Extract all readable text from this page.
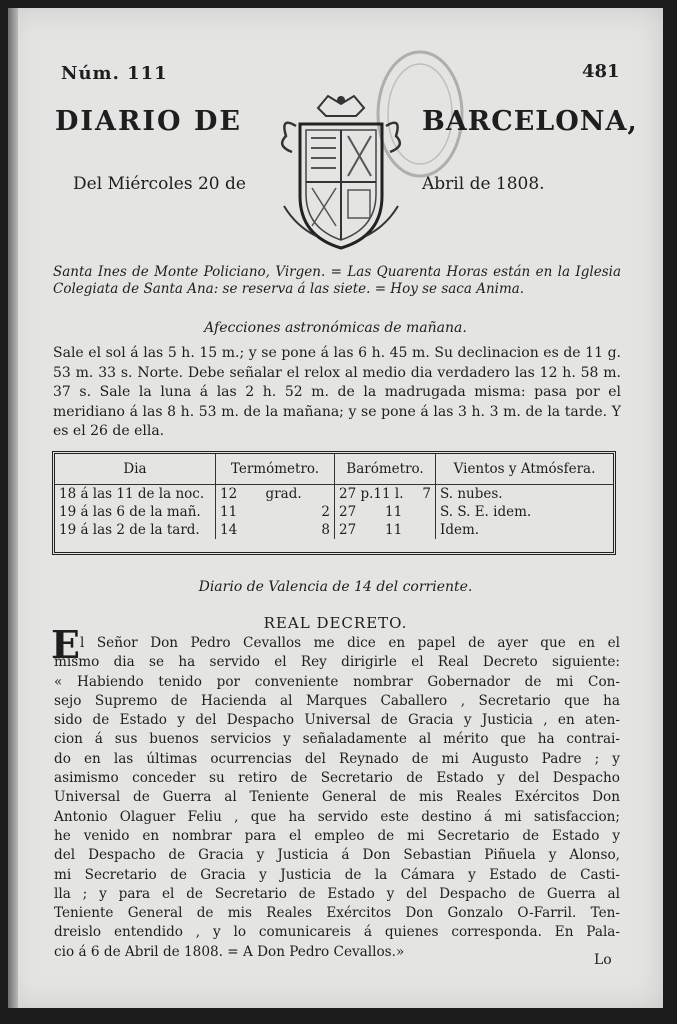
Núm. 111	481
DIARIO DE	BARCELONA,
Del Miércoles 20 de	Abril de 1808.
Santa Ines de Monte Policiano, Virgen. = Las Quarenta Horas están en la Iglesia Colegiata de Santa Ana: se reserva á las siete. = Hoy se saca Anima.
Afecciones astronómicas de mañana.
Sale el sol á las 5 h. 15 m.; y se pone á las 6 h. 45 m. Su declinacion es de 11 g. 53 m. 33 s. Norte. Debe señalar el relox al medio dia verdadero las 12 h. 58 m. 37 s. Sale la luna á las 2 h. 52 m. de la madrugada misma: pasa por el meridiano á las 8 h. 53 m. de la mañana; y se pone á las 3 h. 3 m. de la tarde. Y es el 26 de ella.
Dia	Termómetro.	Barómetro.	Vientos y Atmósfera.
18 á las 11 de la noc.	12 grad.	27 p.11 l. 7	S. nubes.
19 á las 6 de la mañ.	11 2	27 11	S. S. E. idem.
19 á las 2 de la tard.	14 8	27 11	Idem.
Diario de Valencia de 14 del corriente.
REAL DECRETO.
E l Señor Don Pedro Cevallos me dice en papel de ayer que en el
mismo dia se ha servido el Rey dirigirle el Real Decreto siguiente:
« Habiendo tenido por conveniente nombrar Gobernador de mi Con-
sejo Supremo de Hacienda al Marques Caballero , Secretario que ha
sido de Estado y del Despacho Universal de Gracia y Justicia , en aten-
cion á sus buenos servicios y señaladamente al mérito que ha contrai-
do en las últimas ocurrencias del Reynado de mi Augusto Padre ; y
asimismo conceder su retiro de Secretario de Estado y del Despacho
Universal de Guerra al Teniente General de mis Reales Exércitos Don
Antonio Olaguer Feliu , que ha servido este destino á mi satisfaccion;
he venido en nombrar para el empleo de mi Secretario de Estado y
del Despacho de Gracia y Justicia á Don Sebastian Piñuela y Alonso,
mi Secretario de Gracia y Justicia de la Cámara y Estado de Casti-
lla ; y para el de Secretario de Estado y del Despacho de Guerra al
Teniente General de mis Reales Exércitos Don Gonzalo O-Farril. Ten-
dreislo entendido , y lo comunicareis á quienes corresponda. En Pala-
cio á 6 de Abril de 1808. = A Don Pedro Cevallos.»
Lo
